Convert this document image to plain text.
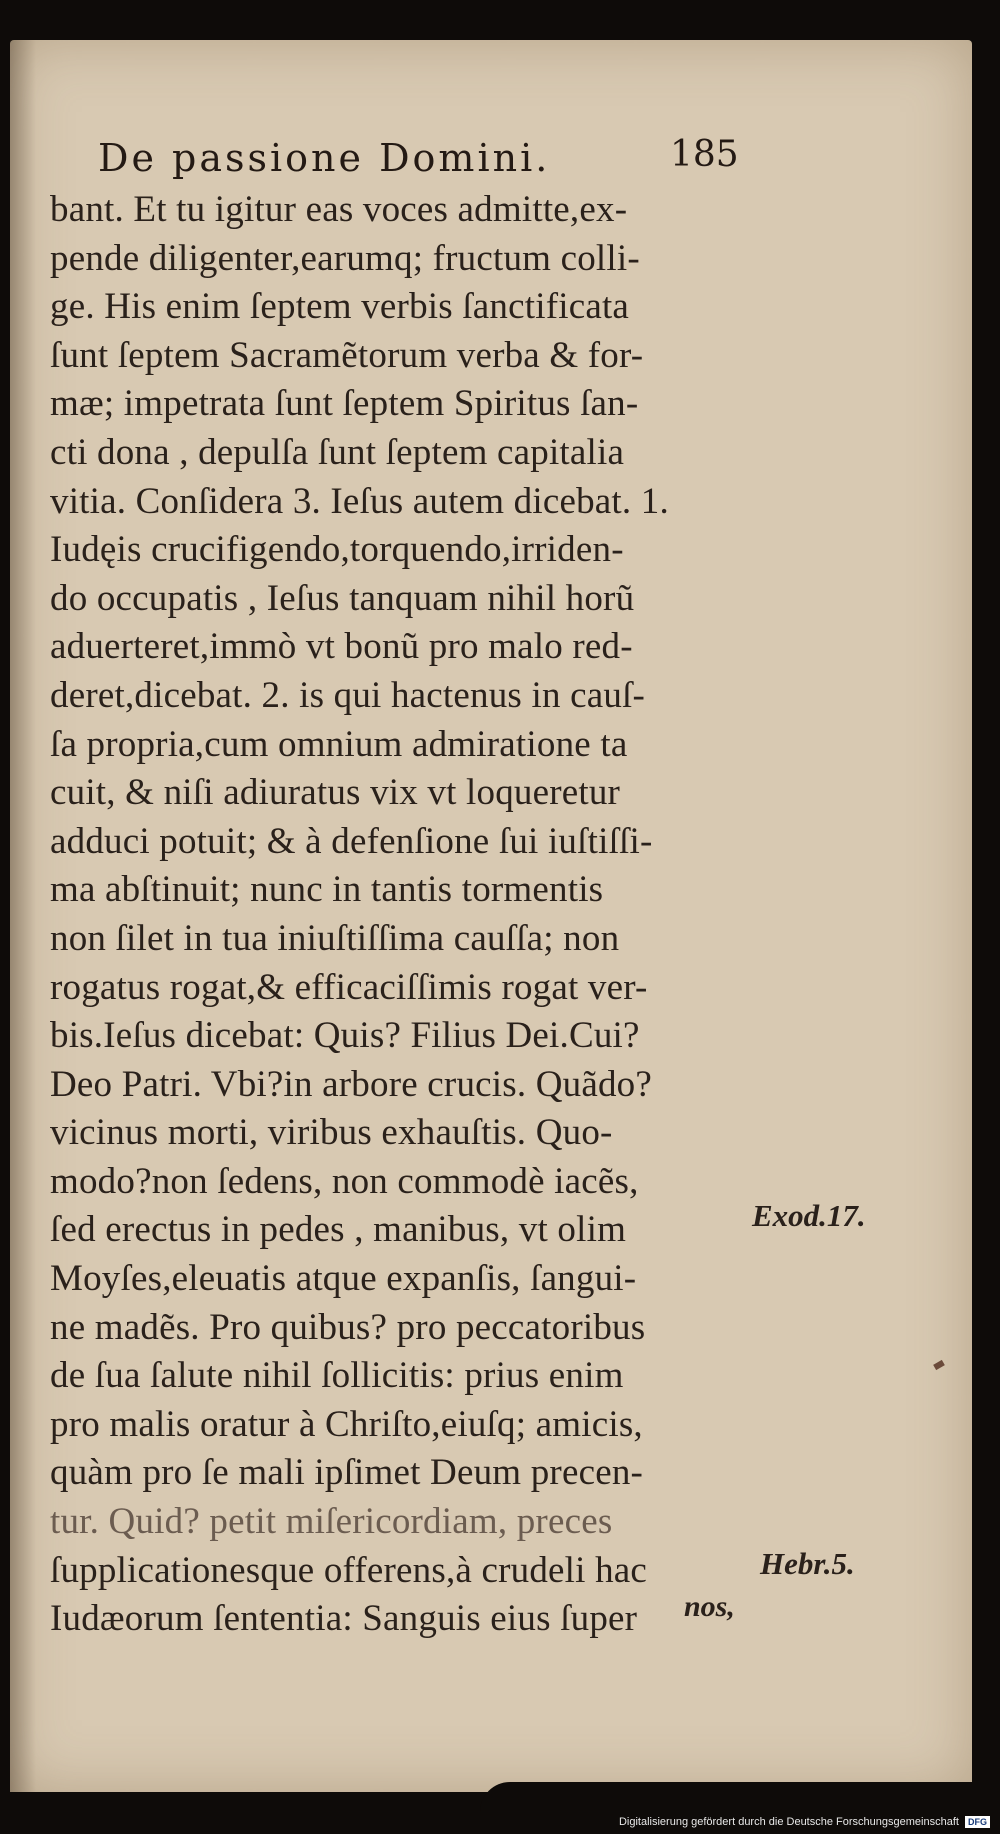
De passione Domini.	185
bant. Et tu igitur eas voces admitte,ex-
pende diligenter,earumq; fructum colli-
ge. His enim ſeptem verbis ſanctificata
ſunt ſeptem Sacramẽtorum verba & for-
mæ; impetrata ſunt ſeptem Spiritus ſan-
cti dona , depulſa ſunt ſeptem capitalia
vitia. Conſidera 3. Ieſus autem dicebat. 1.
Iudęis crucifigendo,torquendo,irriden-
do occupatis , Ieſus tanquam nihil horũ
aduerteret,immò vt bonũ pro malo red-
deret,dicebat. 2. is qui hactenus in cauſ-
ſa propria,cum omnium admiratione ta
cuit, & niſi adiuratus vix vt loqueretur
adduci potuit; & à defenſione ſui iuſtiſſi-
ma abſtinuit; nunc in tantis tormentis
non ſilet in tua iniuſtiſſima cauſſa; non
rogatus rogat,& efficaciſſimis rogat ver-
bis.Ieſus dicebat: Quis? Filius Dei.Cui?
Deo Patri. Vbi?in arbore crucis. Quãdo?
vicinus morti, viribus exhauſtis. Quo-
modo?non ſedens, non commodè iacẽs,
ſed erectus in pedes , manibus, vt olim
Moyſes,eleuatis atque expanſis, ſangui-
ne madẽs. Pro quibus? pro peccatoribus
de ſua ſalute nihil ſollicitis: prius enim
pro malis oratur à Chriſto,eiuſq; amicis,
quàm pro ſe mali ipſimet Deum precen-
tur. Quid? petit miſericordiam, preces
ſupplicationesque offerens,à crudeli hac
Iudæorum ſententia: Sanguis eius ſuper
Exod.17.
Hebr.5.
nos,
Digitalisierung gefördert durch die Deutsche Forschungsgemeinschaft DFG
